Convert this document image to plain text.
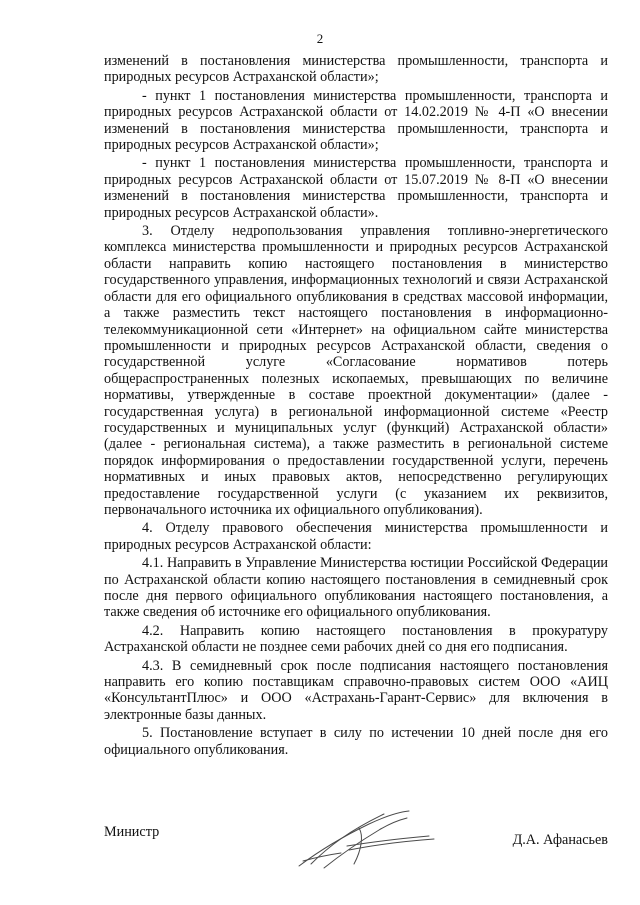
2

изменений в постановления министерства промышленности, транспорта и природных ресурсов Астраханской области»;

- пункт 1 постановления министерства промышленности, транспорта и природных ресурсов Астраханской области от 14.02.2019 № 4-П «О внесении изменений в постановления министерства промышленности, транспорта и природных ресурсов Астраханской области»;

- пункт 1 постановления министерства промышленности, транспорта и природных ресурсов Астраханской области от 15.07.2019 № 8-П «О внесении изменений в постановления министерства промышленности, транспорта и природных ресурсов Астраханской области».

3. Отделу недропользования управления топливно-энергетического комплекса министерства промышленности и природных ресурсов Астраханской области направить копию настоящего постановления в министерство государственного управления, информационных технологий и связи Астраханской области для его официального опубликования в средствах массовой информации, а также разместить текст настоящего постановления в информационно-телекоммуникационной сети «Интернет» на официальном сайте министерства промышленности и природных ресурсов Астраханской области, сведения о государственной услуге «Согласование нормативов потерь общераспространенных полезных ископаемых, превышающих по величине нормативы, утвержденные в составе проектной документации» (далее - государственная услуга) в региональной информационной системе «Реестр государственных и муниципальных услуг (функций) Астраханской области» (далее - региональная система), а также разместить в региональной системе порядок информирования о предоставлении государственной услуги, перечень нормативных и иных правовых актов, непосредственно регулирующих предоставление государственной услуги (с указанием их реквизитов, первоначального источника их официального опубликования).

4. Отделу правового обеспечения министерства промышленности и природных ресурсов Астраханской области:

4.1. Направить в Управление Министерства юстиции Российской Федерации по Астраханской области копию настоящего постановления в семидневный срок после дня первого официального опубликования настоящего постановления, а также сведения об источнике его официального опубликования.

4.2. Направить копию настоящего постановления в прокуратуру Астраханской области не позднее семи рабочих дней со дня его подписания.

4.3. В семидневный срок после подписания настоящего постановления направить его копию поставщикам справочно-правовых систем ООО «АИЦ «КонсультантПлюс» и ООО «Астрахань-Гарант-Сервис» для включения в электронные базы данных.

5. Постановление вступает в силу по истечении 10 дней после дня его официального опубликования.

Министр	Д.А. Афанасьев
